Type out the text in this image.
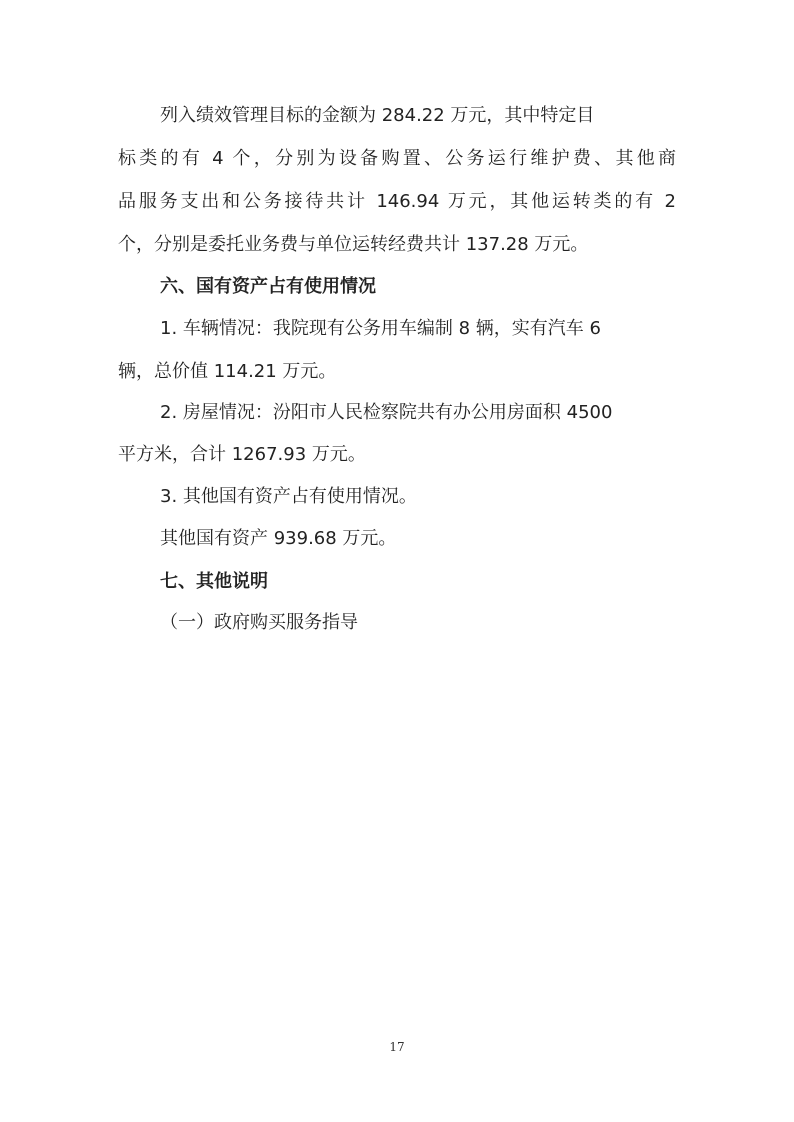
列入绩效管理目标的金额为 284.22 万元，其中特定目
标类的有 4 个，分别为设备购置、公务运行维护费、其他商
品服务支出和公务接待共计 146.94 万元，其他运转类的有 2
个，分别是委托业务费与单位运转经费共计 137.28 万元。
六、国有资产占有使用情况
1. 车辆情况：我院现有公务用车编制 8 辆，实有汽车 6
辆，总价值 114.21 万元。
2. 房屋情况：汾阳市人民检察院共有办公用房面积 4500
平方米，合计 1267.93 万元。
3. 其他国有资产占有使用情况。
其他国有资产 939.68 万元。
七、其他说明
（一）政府购买服务指导
17
